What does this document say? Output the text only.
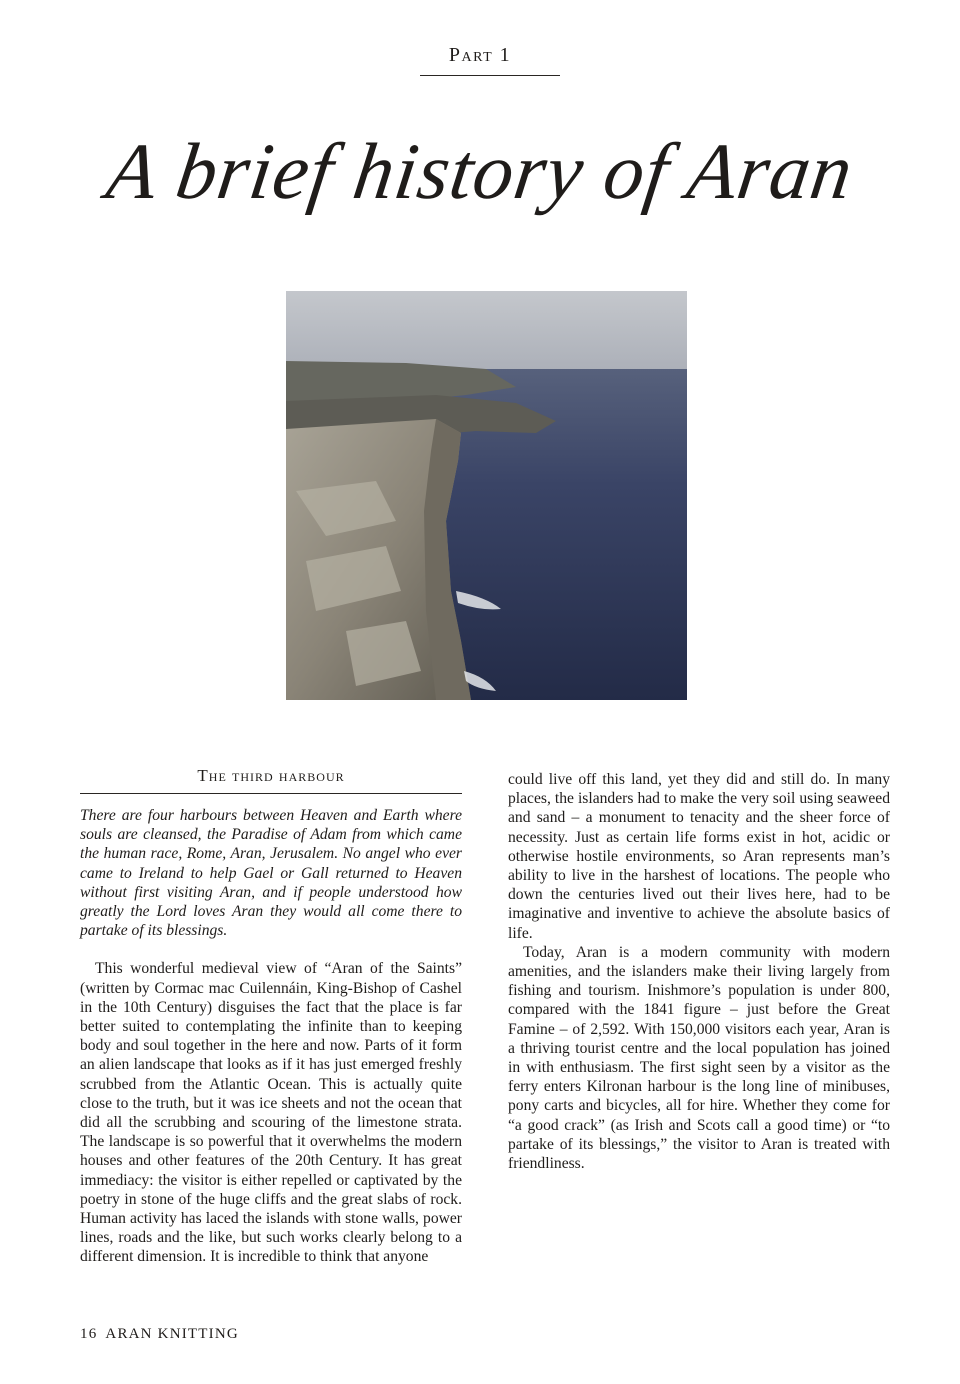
Part 1
A brief history of Aran
The third harbour

There are four harbours between Heaven and Earth where souls are cleansed, the Paradise of Adam from which came the human race, Rome, Aran, Jerusalem. No angel who ever came to Ireland to help Gael or Gall returned to Heaven without first visiting Aran, and if people understood how greatly the Lord loves Aran they would all come there to partake of its blessings.

This wonderful medieval view of “Aran of the Saints” (written by Cormac mac Cuilennáin, King-Bishop of Cashel in the 10th Century) disguises the fact that the place is far better suited to contemplating the infinite than to keeping body and soul together in the here and now. Parts of it form an alien landscape that looks as if it has just emerged freshly scrubbed from the Atlantic Ocean. This is actually quite close to the truth, but it was ice sheets and not the ocean that did all the scrubbing and scouring of the limestone strata. The landscape is so powerful that it overwhelms the modern houses and other features of the 20th Century. It has great immediacy: the visitor is either repelled or captivated by the poetry in stone of the huge cliffs and the great slabs of rock. Human activity has laced the islands with stone walls, power lines, roads and the like, but such works clearly belong to a different dimension. It is incredible to think that anyone

could live off this land, yet they did and still do. In many places, the islanders had to make the very soil using seaweed and sand – a monument to tenacity and the sheer force of necessity. Just as certain life forms exist in hot, acidic or otherwise hostile environments, so Aran represents man’s ability to live in the harshest of locations. The people who down the centuries lived out their lives here, had to be imaginative and inventive to achieve the absolute basics of life.

Today, Aran is a modern community with modern amenities, and the islanders make their living largely from fishing and tourism. Inishmore’s population is under 800, compared with the 1841 figure – just before the Great Famine – of 2,592. With 150,000 visitors each year, Aran is a thriving tourist centre and the local population has joined in with enthusiasm. The first sight seen by a visitor as the ferry enters Kilronan harbour is the long line of minibuses, pony carts and bicycles, all for hire. Whether they come for “a good crack” (as Irish and Scots call a good time) or “to partake of its blessings,” the visitor to Aran is treated with friendliness.

16 ARAN KNITTING
